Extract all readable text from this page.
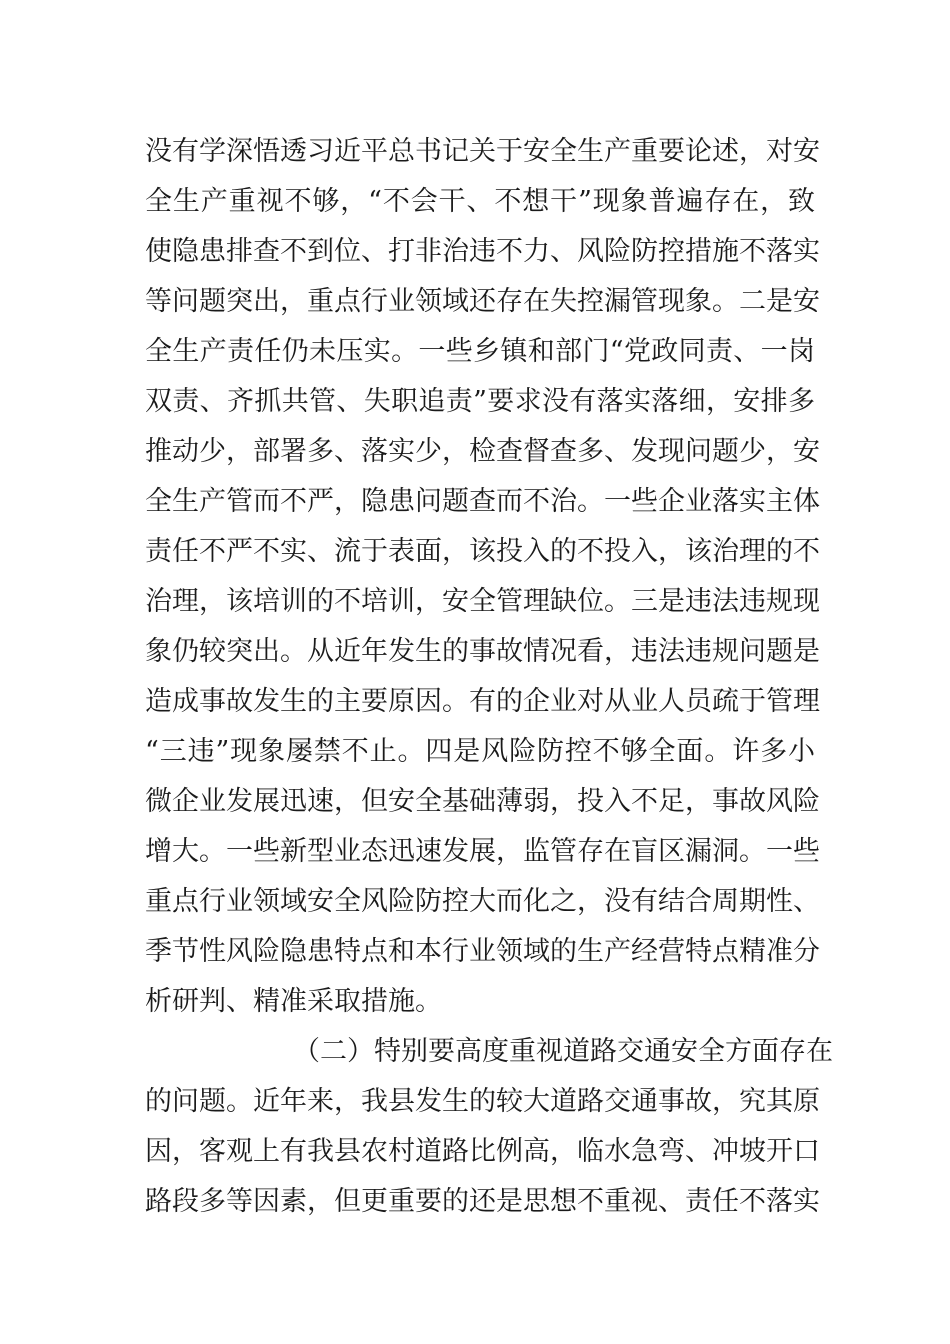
没有学深悟透习近平总书记关于安全生产重要论述，对安
全生产重视不够，“不会干、不想干”现象普遍存在，致
使隐患排查不到位、打非治违不力、风险防控措施不落实
等问题突出，重点行业领域还存在失控漏管现象。二是安
全生产责任仍未压实。一些乡镇和部门“党政同责、一岗
双责、齐抓共管、失职追责”要求没有落实落细，安排多
推动少，部署多、落实少，检查督查多、发现问题少，安
全生产管而不严，隐患问题查而不治。一些企业落实主体
责任不严不实、流于表面，该投入的不投入，该治理的不
治理，该培训的不培训，安全管理缺位。三是违法违规现
象仍较突出。从近年发生的事故情况看，违法违规问题是
造成事故发生的主要原因。有的企业对从业人员疏于管理
“三违”现象屡禁不止。四是风险防控不够全面。许多小
微企业发展迅速，但安全基础薄弱，投入不足，事故风险
增大。一些新型业态迅速发展，监管存在盲区漏洞。一些
重点行业领域安全风险防控大而化之，没有结合周期性、
季节性风险隐患特点和本行业领域的生产经营特点精准分
析研判、精准采取措施。
（二）特别要高度重视道路交通安全方面存在
的问题。近年来，我县发生的较大道路交通事故，究其原
因，客观上有我县农村道路比例高，临水急弯、冲坡开口
路段多等因素，但更重要的还是思想不重视、责任不落实
